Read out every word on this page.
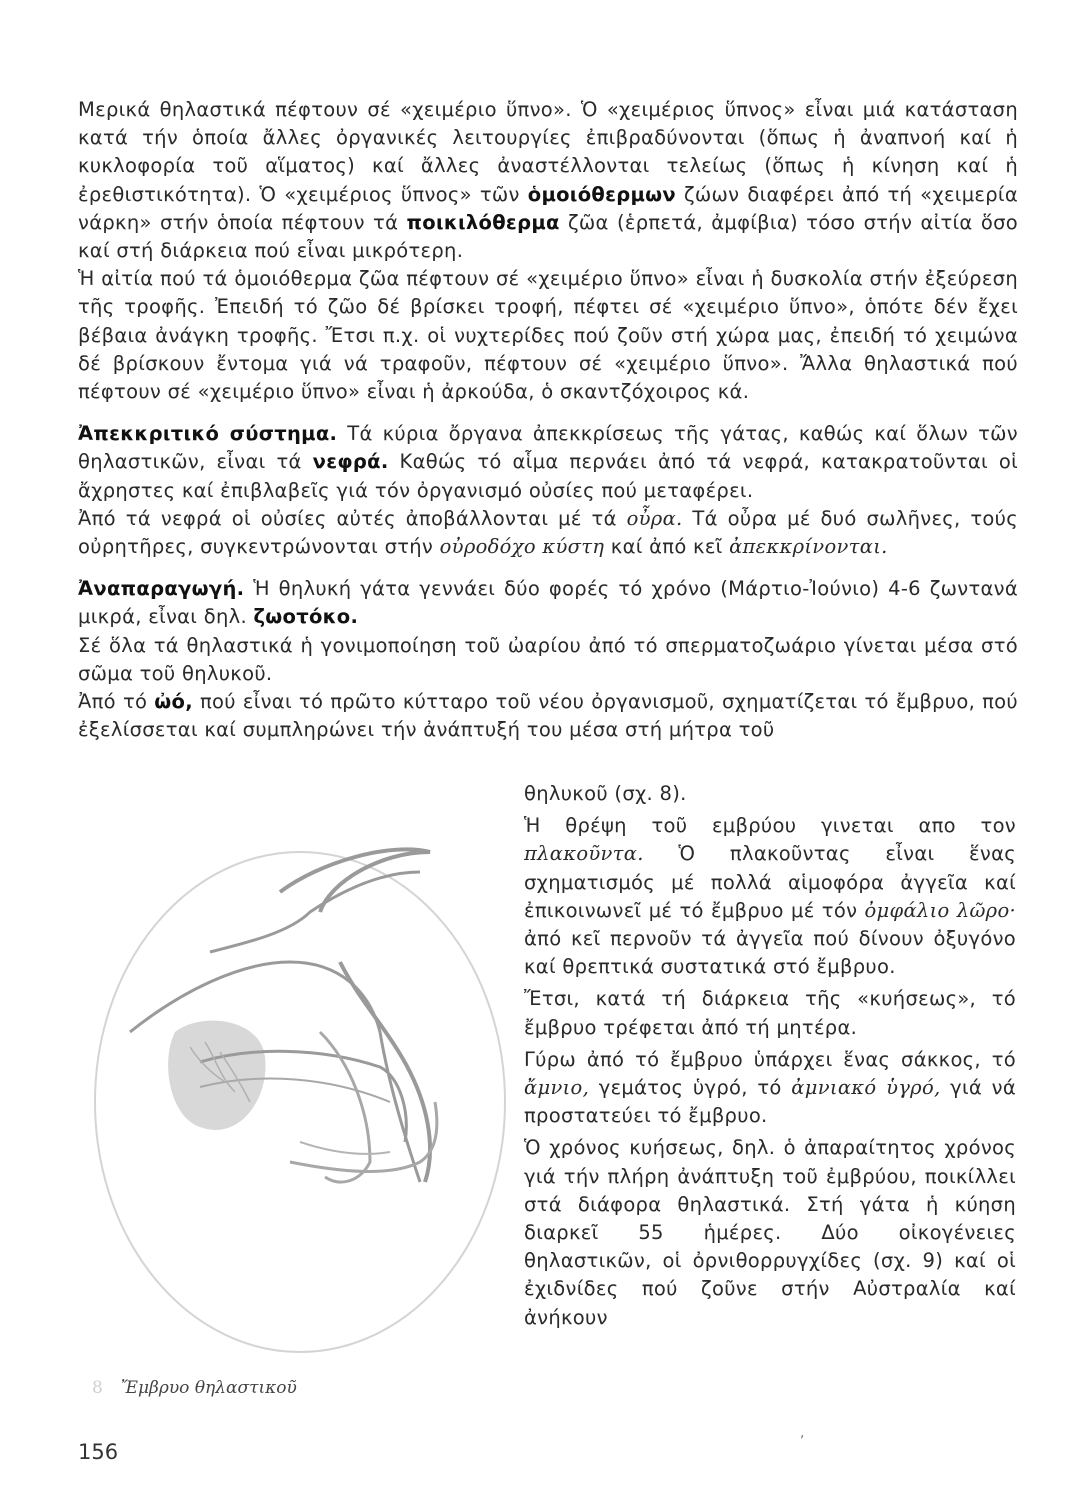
Μερικά θηλαστικά πέφτουν σέ «χειμέριο ὕπνο». Ὁ «χειμέριος ὕπνος» εἶναι μιά κατάσταση κατά τήν ὁποία ἄλλες ὀργανικές λειτουργίες ἐπιβραδύνονται (ὅπως ἡ ἀναπνοή καί ἡ κυκλοφορία τοῦ αἵματος) καί ἄλλες ἀναστέλλονται τελείως (ὅπως ἡ κίνηση καί ἡ ἐρεθιστικότητα). Ὁ «χειμέριος ὕπνος» τῶν ὁμοιόθερμων ζώων διαφέρει ἀπό τή «χειμερία νάρκη» στήν ὁποία πέφτουν τά ποικιλόθερμα ζῶα (ἑρπετά, ἀμφίβια) τόσο στήν αἰτία ὅσο καί στή διάρκεια πού εἶναι μικρότερη.

Ἡ αἰτία πού τά ὁμοιόθερμα ζῶα πέφτουν σέ «χειμέριο ὕπνο» εἶναι ἡ δυσκολία στήν ἐξεύρεση τῆς τροφῆς. Ἐπειδή τό ζῶο δέ βρίσκει τροφή, πέφτει σέ «χειμέριο ὕπνο», ὁπότε δέν ἔχει βέβαια ἀνάγκη τροφῆς. Ἔτσι π.χ. οἱ νυχτερίδες πού ζοῦν στή χώρα μας, ἐπειδή τό χειμώνα δέ βρίσκουν ἔντομα γιά νά τραφοῦν, πέφτουν σέ «χειμέριο ὕπνο». Ἄλλα θηλαστικά πού πέφτουν σέ «χειμέριο ὕπνο» εἶναι ἡ ἀρκούδα, ὁ σκαντζόχοιρος κά.

Ἀπεκκριτικό σύστημα. Τά κύρια ὄργανα ἀπεκκρίσεως τῆς γάτας, καθώς καί ὅλων τῶν θηλαστικῶν, εἶναι τά νεφρά. Καθώς τό αἷμα περνάει ἀπό τά νεφρά, κατακρατοῦνται οἱ ἄχρηστες καί ἐπιβλαβεῖς γιά τόν ὀργανισμό οὐσίες πού μεταφέρει.

Ἀπό τά νεφρά οἱ οὐσίες αὐτές ἀποβάλλονται μέ τά οὖρα. Τά οὖρα μέ δυό σωλῆνες, τούς οὐρητῆρες, συγκεντρώνονται στήν οὐροδόχο κύστη καί ἀπό κεῖ ἀπεκκρίνονται.

Ἀναπαραγωγή. Ἡ θηλυκή γάτα γεννάει δύο φορές τό χρόνο (Μάρτιο-Ἰούνιο) 4-6 ζωντανά μικρά, εἶναι δηλ. ζωοτόκο.

Σέ ὅλα τά θηλαστικά ἡ γονιμοποίηση τοῦ ὠαρίου ἀπό τό σπερματοζωάριο γίνεται μέσα στό σῶμα τοῦ θηλυκοῦ.

Ἀπό τό ὠό, πού εἶναι τό πρῶτο κύτταρο τοῦ νέου ὀργανισμοῦ, σχηματίζεται τό ἔμβρυο, πού ἐξελίσσεται καί συμπληρώνει τήν ἀνάπτυξή του μέσα στή μήτρα τοῦ

θηλυκοῦ (σχ. 8).

Ἡ θρέψη τοῦ εμβρύου γινεται απο τον πλακοῦντα. Ὁ πλακοῦντας εἶναι ἕνας σχηματισμός μέ πολλά αἱμοφόρα ἀγγεῖα καί ἐπικοινωνεῖ μέ τό ἔμβρυο μέ τόν ὀμφάλιο λῶρο· ἀπό κεῖ περνοῦν τά ἀγγεῖα πού δίνουν ὀξυγόνο καί θρεπτικά συστατικά στό ἔμβρυο.

Ἔτσι, κατά τή διάρκεια τῆς «κυήσεως», τό ἔμβρυο τρέφεται ἀπό τή μητέρα.

Γύρω ἀπό τό ἔμβρυο ὑπάρχει ἕνας σάκκος, τό ἄμνιο, γεμάτος ὑγρό, τό ἀμνιακό ὑγρό, γιά νά προστατεύει τό ἔμβρυο.

Ὁ χρόνος κυήσεως, δηλ. ὁ ἀπαραίτητος χρόνος γιά τήν πλήρη ἀνάπτυξη τοῦ ἐμβρύου, ποικίλλει στά διάφορα θηλαστικά. Στή γάτα ἡ κύηση διαρκεῖ 55 ἡμέρες. Δύο οἰκογένειες θηλαστικῶν, οἱ ὀρνιθορρυγχίδες (σχ. 9) καί οἱ ἐχιδνίδες πού ζοῦνε στήν Αὐστραλία καί ἀνήκουν

8 Ἔμβρυο θηλαστικοῦ
156
,
